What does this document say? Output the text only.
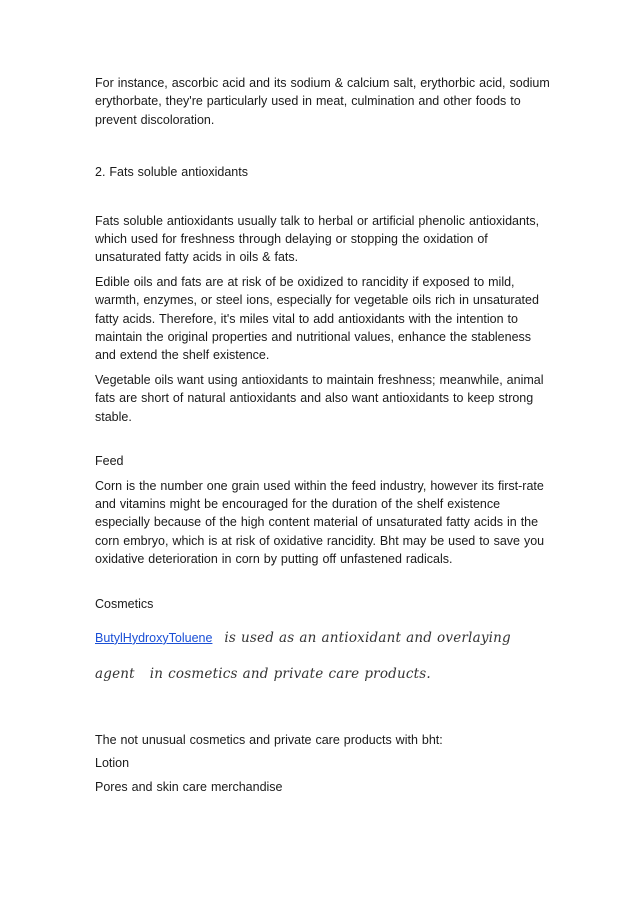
For instance, ascorbic acid and its sodium & calcium salt, erythorbic acid, sodium erythorbate, they're particularly used in meat, culmination and other foods to prevent discoloration.

2. Fats soluble antioxidants

Fats soluble antioxidants usually talk to herbal or artificial phenolic antioxidants, which used for freshness through delaying or stopping the oxidation of unsaturated fatty acids in oils & fats.

Edible oils and fats are at risk of be oxidized to rancidity if exposed to mild, warmth, enzymes, or steel ions, especially for vegetable oils rich in unsaturated fatty acids. Therefore, it's miles vital to add antioxidants with the intention to maintain the original properties and nutritional values, enhance the stableness and extend the shelf existence.

Vegetable oils want using antioxidants to maintain freshness; meanwhile, animal fats are short of natural antioxidants and also want antioxidants to keep strong stable.

Feed

Corn is the number one grain used within the feed industry, however its first-rate and vitamins might be encouraged for the duration of the shelf existence especially because of the high content material of unsaturated fatty acids in the corn embryo, which is at risk of oxidative rancidity. Bht may be used to save you oxidative deterioration in corn by putting off unfastened radicals.

Cosmetics

ButylHydroxyToluene is used as an antioxidant and overlaying

agent   in cosmetics and private care products.

The not unusual cosmetics and private care products with bht:

Lotion

Pores and skin care merchandise
